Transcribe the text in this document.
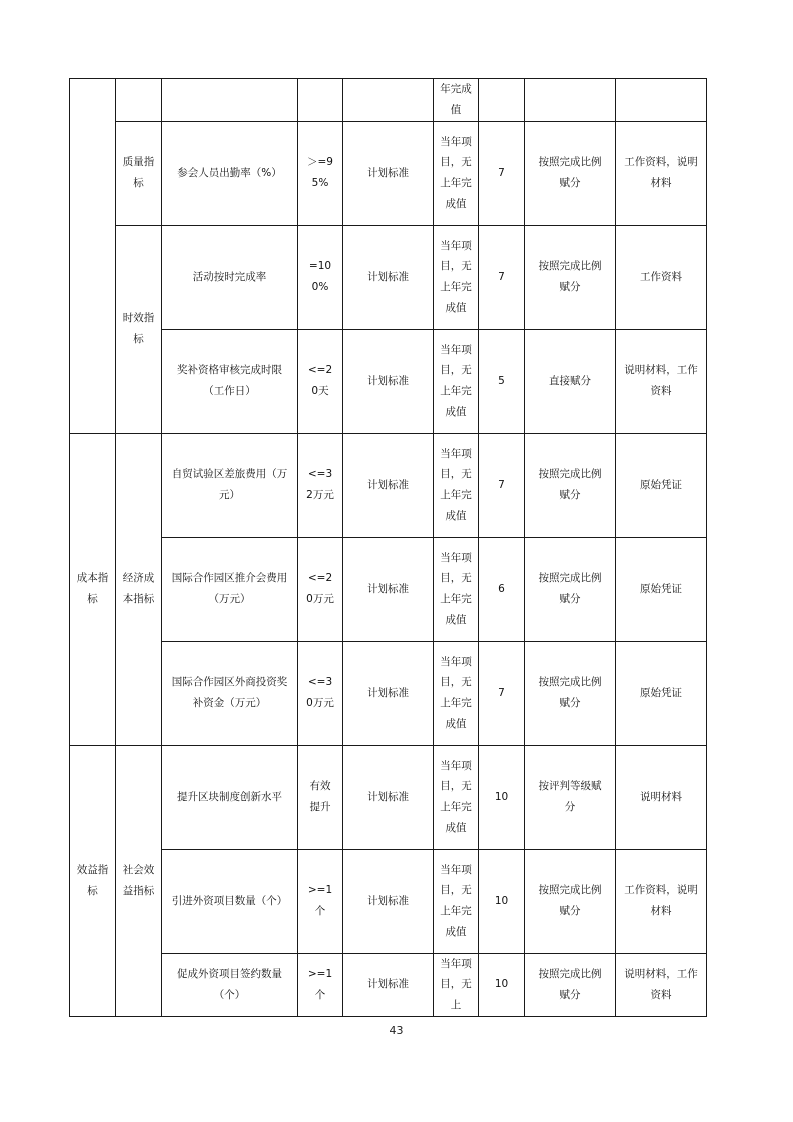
					年完成值			

	质量指标	参会人员出勤率（%）	＞=95%	计划标准	当年项目，无上年完成值	7	按照完成比例赋分	工作资料，说明材料

	时效指标	活动按时完成率	=100%	计划标准	当年项目，无上年完成值	7	按照完成比例赋分	工作资料

		奖补资格审核完成时限（工作日）	<=20天	计划标准	当年项目，无上年完成值	5	直接赋分	说明材料，工作资料

成本指标	经济成本指标	自贸试验区差旅费用（万元）	<=32万元	计划标准	当年项目，无上年完成值	7	按照完成比例赋分	原始凭证

		国际合作园区推介会费用（万元）	<=20万元	计划标准	当年项目，无上年完成值	6	按照完成比例赋分	原始凭证

		国际合作园区外商投资奖补资金（万元）	<=30万元	计划标准	当年项目，无上年完成值	7	按照完成比例赋分	原始凭证

效益指标	社会效益指标	提升区块制度创新水平	有效提升	计划标准	当年项目，无上年完成值	10	按评判等级赋分	说明材料

		引进外资项目数量（个）	>=1个	计划标准	当年项目，无上年完成值	10	按照完成比例赋分	工作资料，说明材料

		促成外资项目签约数量（个）	>=1个	计划标准	当年项目，无上	10	按照完成比例赋分	说明材料，工作资料
43
